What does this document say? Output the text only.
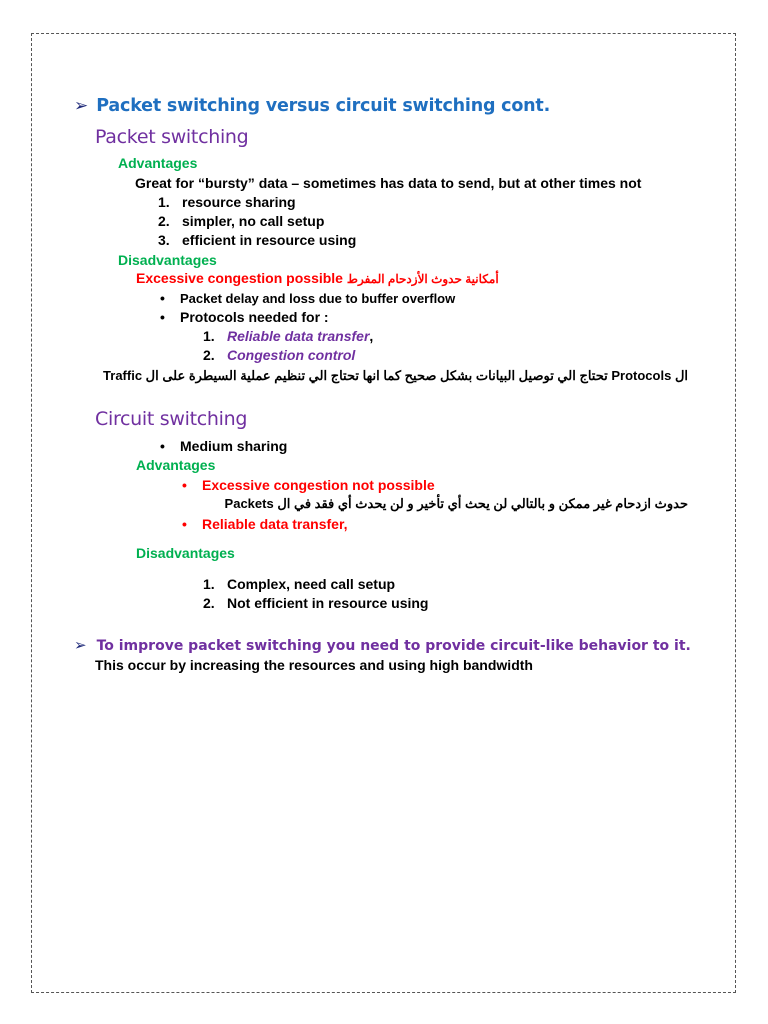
➢ Packet switching versus circuit switching cont.
Packet switching
Advantages
Great for “bursty” data – sometimes has data to send, but at other times not
1. resource sharing
2. simpler, no call setup
3. efficient in resource using
Disadvantages
Excessive congestion possible أمكانية حدوث الأزدحام المفرط
• Packet delay and loss due to buffer overflow
• Protocols needed for :
1. Reliable data transfer,
2. Congestion control
ال Protocols تحتاج الي توصيل البيانات بشكل صحيح كما انها تحتاج الي تنظيم عملية السيطرة على ال Traffic
Circuit switching
• Medium sharing
Advantages
• Excessive congestion not possible
حدوث ازدحام غير ممكن و بالتالي لن يحث أي تأخير و لن يحدث أي فقد في ال Packets
• Reliable data transfer,
Disadvantages
1. Complex, need call setup
2. Not efficient in resource using
➢ To improve packet switching you need to provide circuit-like behavior to it.
This occur by increasing the resources and using high bandwidth
